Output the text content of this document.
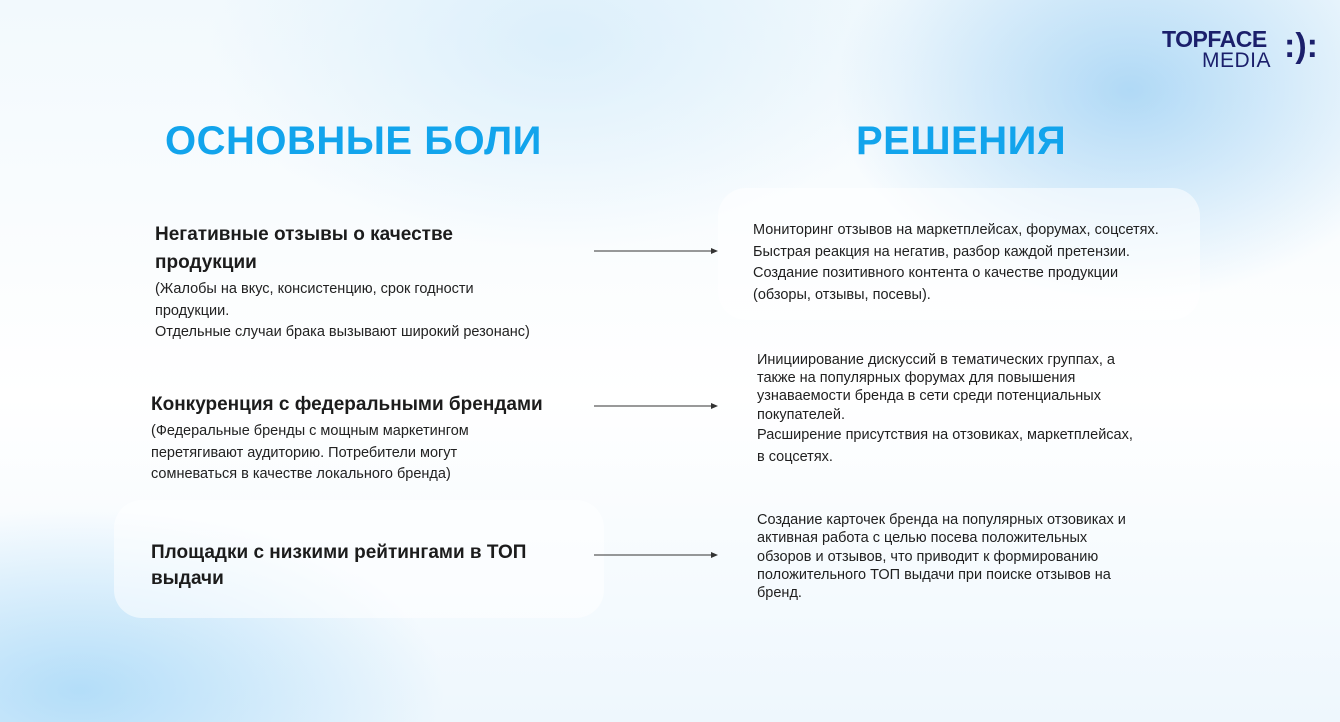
TOPFACE
MEDIA :):
ОСНОВНЫЕ БОЛИ	РЕШЕНИЯ
Негативные отзывы о качестве
продукции
(Жалобы на вкус, консистенцию, срок годности
продукции.
Отдельные случаи брака вызывают широкий резонанс)
Конкуренция с федеральными брендами
(Федеральные бренды с мощным маркетингом
перетягивают аудиторию. Потребители могут
сомневаться в качестве локального бренда)
Площадки с низкими рейтингами в ТОП
выдачи
Мониторинг отзывов на маркетплейсах, форумах, соцсетях.
Быстрая реакция на негатив, разбор каждой претензии.
Создание позитивного контента о качестве продукции
(обзоры, отзывы, посевы).
Инициирование дискуссий в тематических группах, а
также на популярных форумах для повышения
узнаваемости бренда в сети среди потенциальных
покупателей.
Расширение присутствия на отзовиках, маркетплейсах,
в соцсетях.
Создание карточек бренда на популярных отзовиках и
активная работа с целью посева положительных
обзоров и отзывов, что приводит к формированию
положительного ТОП выдачи при поиске отзывов на
бренд.
